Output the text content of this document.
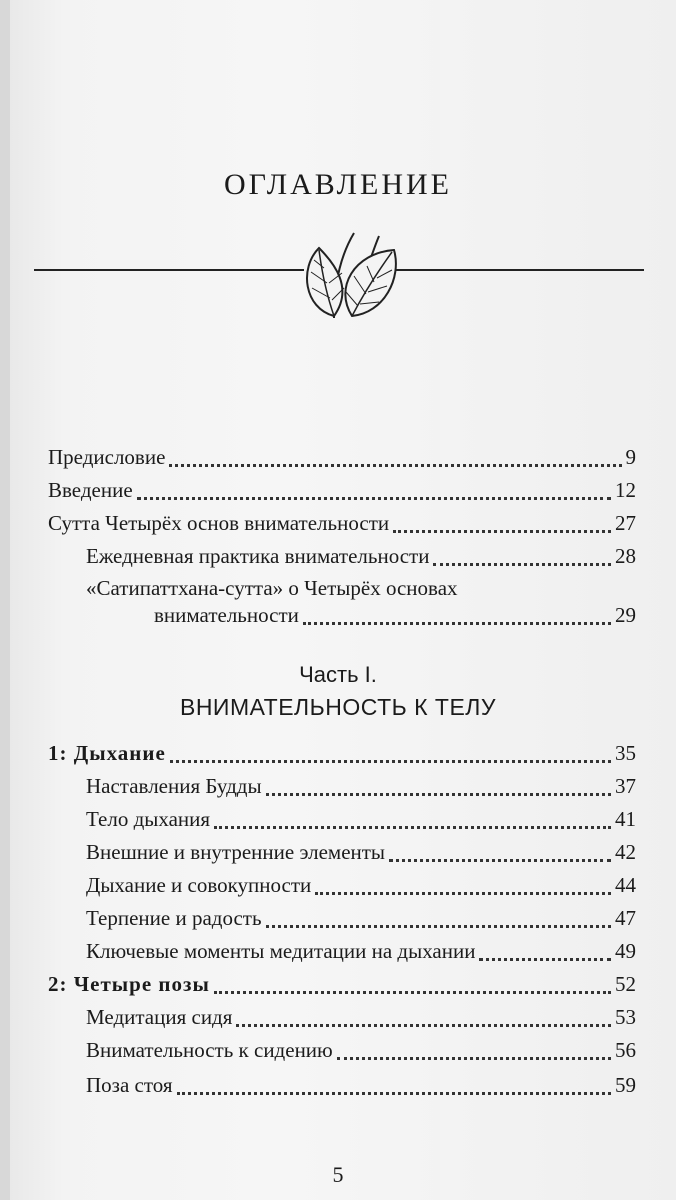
ОГЛАВЛЕНИЕ
Предисловие	9
Введение	12
Сутта Четырёх основ внимательности	27
Ежедневная практика внимательности	28
«Сатипаттхана-сутта» о Четырёх основах
внимательности	29
Часть I.
ВНИМАТЕЛЬНОСТЬ К ТЕЛУ
1: Дыхание	35
Наставления Будды	37
Тело дыхания	41
Внешние и внутренние элементы	42
Дыхание и совокупности	44
Терпение и радость	47
Ключевые моменты медитации на дыхании	49
2: Четыре позы	52
Медитация сидя	53
Внимательность к сидению	56
Поза стоя	59
5
